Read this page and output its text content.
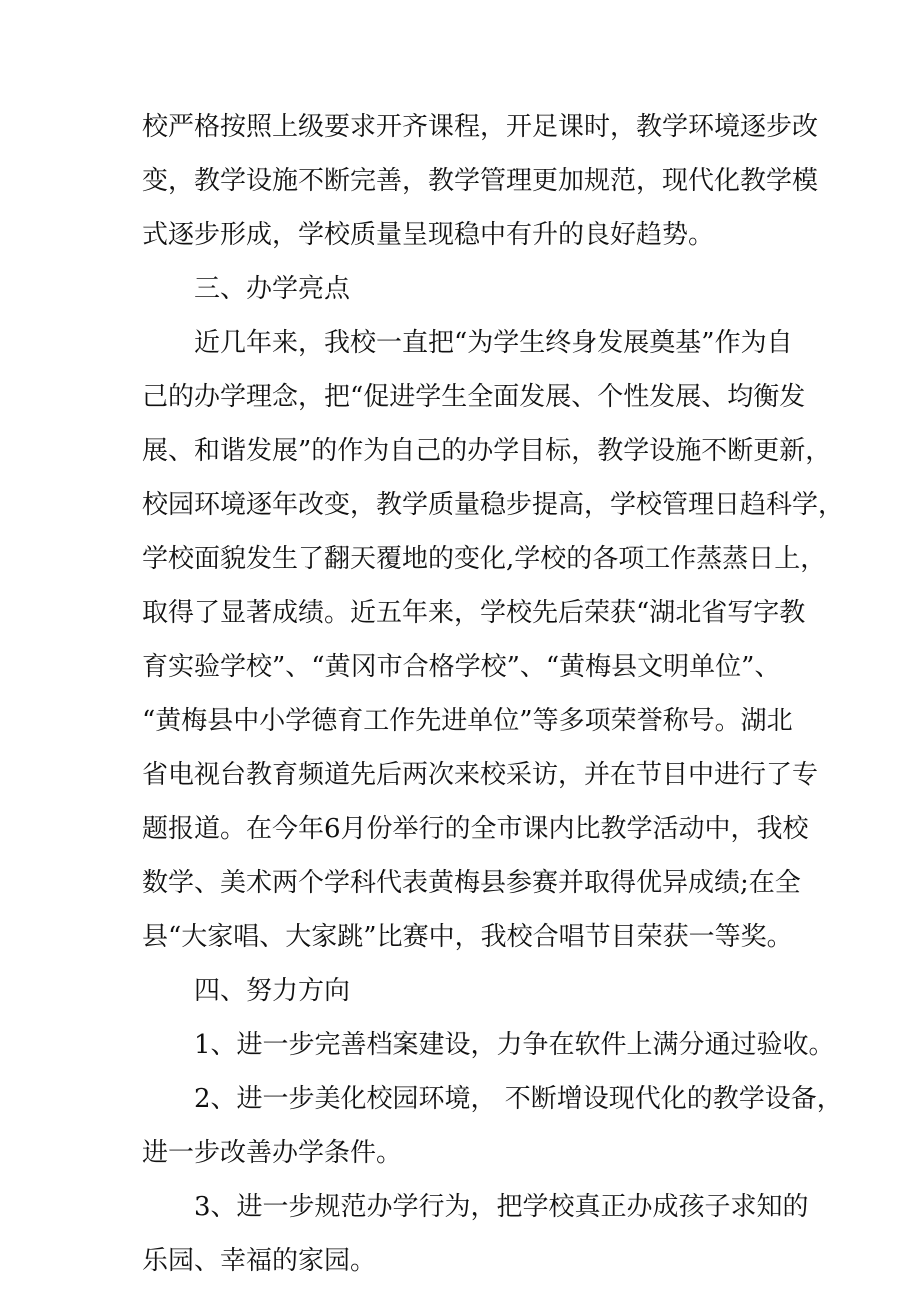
校严格按照上级要求开齐课程，开足课时，教学环境逐步改
变，教学设施不断完善，教学管理更加规范，现代化教学模
式逐步形成，学校质量呈现稳中有升的良好趋势。
三、办学亮点
近几年来，我校一直把“为学生终身发展奠基”作为自
己的办学理念，把“促进学生全面发展、个性发展、均衡发
展、和谐发展”的作为自己的办学目标，教学设施不断更新，
校园环境逐年改变，教学质量稳步提高，学校管理日趋科学，
学校面貌发生了翻天覆地的变化,学校的各项工作蒸蒸日上，
取得了显著成绩。近五年来，学校先后荣获“湖北省写字教
育实验学校”、“黄冈市合格学校”、“黄梅县文明单位”、
“黄梅县中小学德育工作先进单位”等多项荣誉称号。湖北
省电视台教育频道先后两次来校采访，并在节目中进行了专
题报道。在今年6月份举行的全市课内比教学活动中，我校
数学、美术两个学科代表黄梅县参赛并取得优异成绩;在全
县“大家唱、大家跳”比赛中，我校合唱节目荣获一等奖。
四、努力方向
1、进一步完善档案建设，力争在软件上满分通过验收。
2、进一步美化校园环境， 不断增设现代化的教学设备，
进一步改善办学条件。
3、进一步规范办学行为，把学校真正办成孩子求知的
乐园、幸福的家园。
